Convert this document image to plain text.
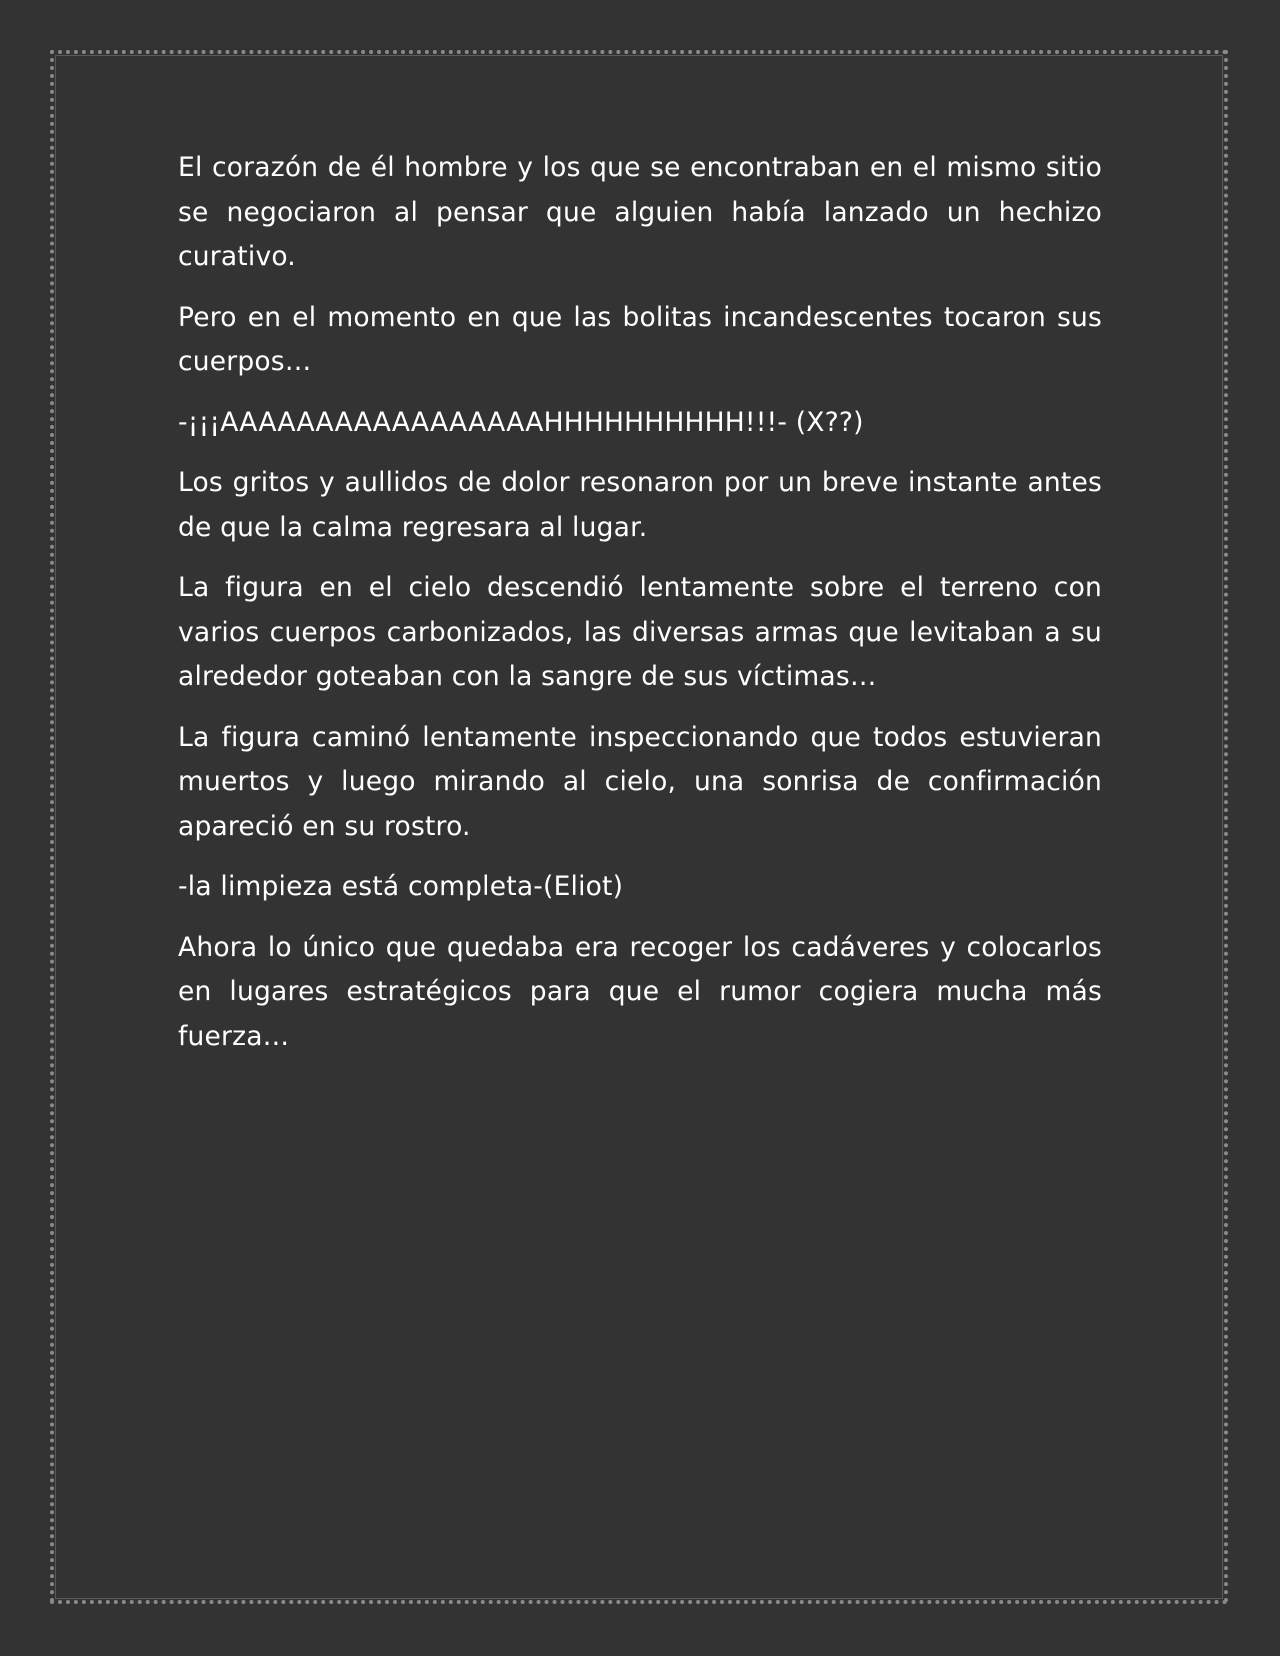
El corazón de él hombre y los que se encontraban en el mismo sitio se negociaron al pensar que alguien había lanzado un hechizo curativo.

Pero en el momento en que las bolitas incandescentes tocaron sus cuerpos…

-¡¡¡AAAAAAAAAAAAAAAAAHHHHHHHHHH!!!- (X??)

Los gritos y aullidos de dolor resonaron por un breve instante antes de que la calma regresara al lugar.

La figura en el cielo descendió lentamente sobre el terreno con varios cuerpos carbonizados, las diversas armas que levitaban a su alrededor goteaban con la sangre de sus víctimas…

La figura caminó lentamente inspeccionando que todos estuvieran muertos y luego mirando al cielo, una sonrisa de confirmación apareció en su rostro.

-la limpieza está completa-(Eliot)

Ahora lo único que quedaba era recoger los cadáveres y colocarlos en lugares estratégicos para que el rumor cogiera mucha más fuerza…
